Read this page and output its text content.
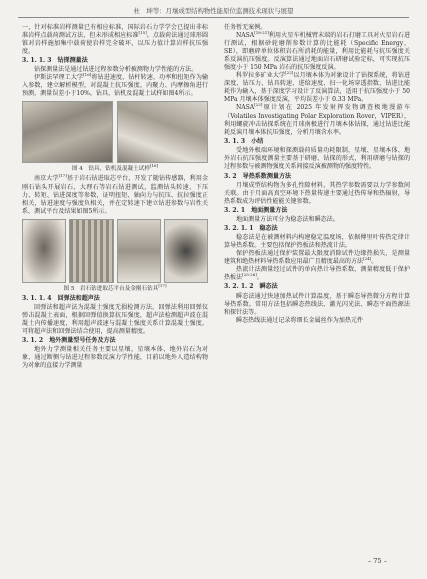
杜　坤等：月壤成型结构物性能原位监测技术现状与展望

一，针对标准岩样测量已有相应标准，国际岩石力学学会已提出非标准岩样点载荷测试方法，但未形成相应标准[15]。点载荷法通过球形圆锥对岩样施加集中载荷使岩样完全破坏，以压力值计算岩样抗压强度。

3. 1. 1. 3　钻探测量法

钻探测量法是通过钻进过程参数分析被测物力学性能的方法。

伊斯法罕理工大学[16]将钻进速度、钻杆转速、功率和扭矩作为输入参数，建立解析模型，对混凝土抗压强度、内聚力、内摩擦角进行预测，测量误差小于10%。钻具、钻机及混凝土试样如图4所示。

图 4　钻具、钻机及混凝土试样[16]

南京大学[17]基于岩石钻进取芯平台，开发了随钻传感器，利用金刚石钻头开展岩石、大理石等岩石钻进测试，监测钻头转速、下压力、转矩、钻进深度等参数，证明扭矩、轴向力与抗压、抗拉强度正相关，钻进速度与强度负相关，并在定转速下建立钻进参数与岩性关系，测试平台及结果如图5所示。

图 5　岩石钻进取芯平台及金刚石钻具[17]
3. 1. 1. 4　回弹法和超声法

回弹法和超声法为混凝土强度无损检测方法，回弹法利用回弹仪弹击混凝土表面，根据回弹值换算抗压强度，超声法检测超声波在混凝土内传播速度，利用超声波速与混凝土强度关系计算混凝土强度。可将超声法和回弹法结合使用，提高测量精度。

3. 1. 2　地外测量型号任务及方法

地外力学测量相关任务主要以星壤、星壤本体、地外岩石为对象，通过断侧与钻进过程参数反演力学性能，目前以地外人造结构物为对象的直接力学测量

任务暂无案例。

NASA[18-21]利用火星车机械臂末端的岩石打磨工具对火星岩石进行测试，根据砂轮磨削参数计算的比能耗（Specific Energy，SE），即磨碎单位体积岩石所消耗的能量，利用比能耗与抗压强度关系反演抗压强度。反演算法通过地面岩石研磨试验定标，可实现抗压强度小于 150 MPa 岩石的抗压强度反演。

科罗拉多矿业大学[22]以月壤本体为对象设计了钻探系统，将钻进深度、钻压力、钻具转速、进给速度、扫一化场穿透指数、钻进比能耗作为输入，基于深度学习设计了反演算法，适用于抗压强度小于 50 MPa 月壤本体强度反演，平均误差小于 0.33 MPa。

NASA[23]原计划在 2025 年发射挥发物调查极地漫游车（Volatiles Investigating Polar Exploration Rover，VIPER），利用螺旋冲击钻探系统在月球南极进行月壤本体钻探，通过钻进比能耗反演月壤本体抗压强度，分析月壤含水率。

3. 1. 3　小结

受地外极端环境和探测载荷质量功耗限制，星壤、星壤本体、地外岩石抗压强度测量主要基于研磨、钻探的形式，利用研磨与钻探的过程参数与被测物强度关系间接反演被测物的强度特性。

3. 2　导热系数测量方法

月壤成型结构物为多孔性隙材料，其热学参数需要以力学参数间关联。由于月面高真空环境下热量传递主要通过热传导和热辐射，导热系数成为评估性能能关键参数。

3. 2. 1　地面测量方法

地面测量方法可分为稳态法和瞬态法。

3. 2. 1. 1　稳态法

稳态法是在被测材料内构建稳定温度场，依据傅里叶传热定律计算导热系数。主要包括保护热板法和热流计法。

保护热板法通过保护装置最大限度消除试件边缘热损失，是测量建筑和绝热材料导热系数应用最广且精度最高的方法[24]。

热流计法测量经过试件的单向热计导热系数，测量精度低于保护热板法[25-26]。

3. 2. 1. 2　瞬态法

瞬态法通过快速加热试件计算温度，基于瞬态导热微分方程计算导热系数。常用方法包括瞬态热线法、激光闪光法、瞬态平面热源法和探针法等。

瞬态热线法通过记录将细长金属丝作为加热元件

– 75 –
